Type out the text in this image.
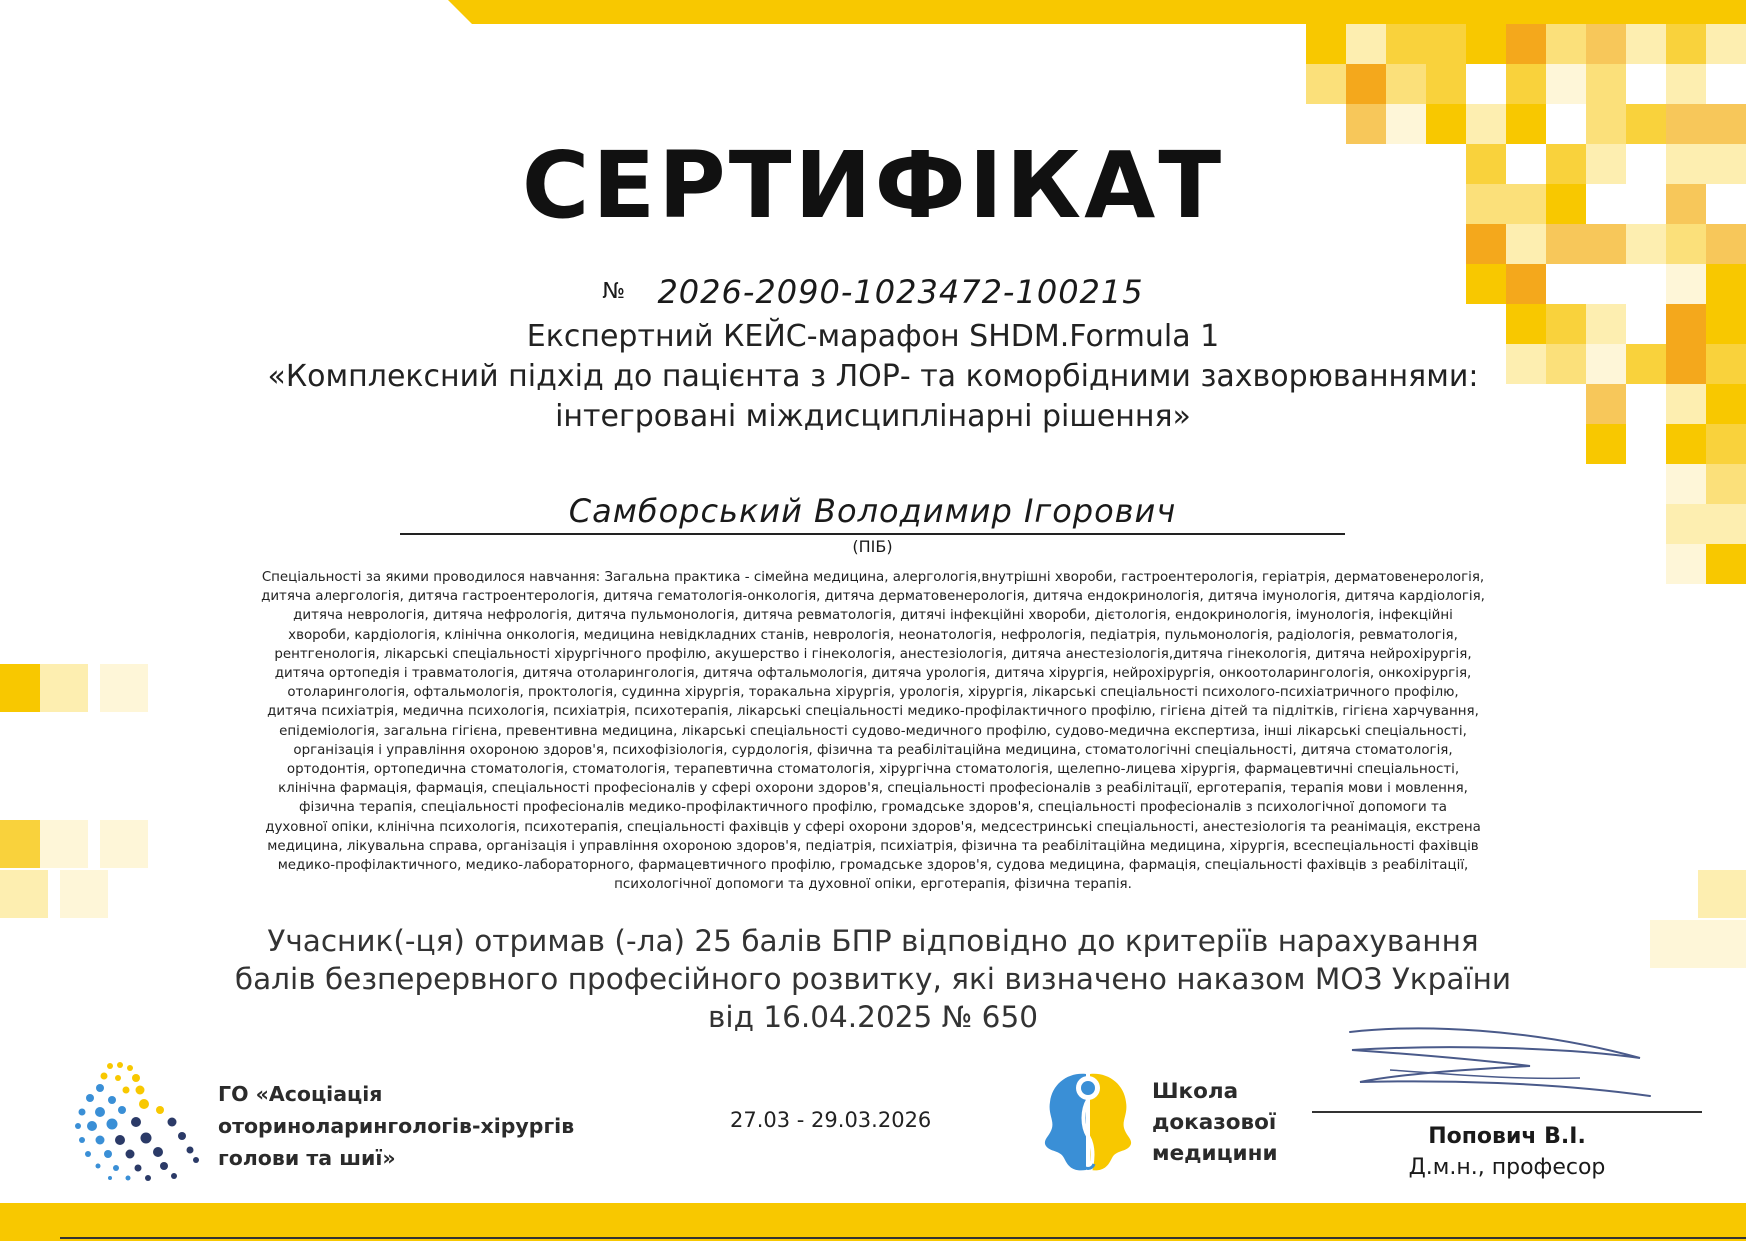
СЕРТИФІКАТ
№ 2026-2090-1023472-100215
Експертний КЕЙС-марафон SHDM.Formula 1
«Комплексний підхід до пацієнта з ЛОР- та коморбідними захворюваннями:
інтегровані міждисциплінарні рішення»
Самборський Володимир Ігорович
(ПІБ)
Спеціальності за якими проводилося навчання: Загальна практика - сімейна медицина, алергологія,внутрішні хвороби, гастроентерологія, геріатрія, дерматовенерологія,
дитяча алергологія, дитяча гастроентерологія, дитяча гематологія-онкологія, дитяча дерматовенерологія, дитяча ендокринологія, дитяча імунологія, дитяча кардіологія,
дитяча неврологія, дитяча нефрологія, дитяча пульмонологія, дитяча ревматологія, дитячі інфекційні хвороби, дієтологія, ендокринологія, імунологія, інфекційні
хвороби, кардіологія, клінічна онкологія, медицина невідкладних станів, неврологія, неонатологія, нефрологія, педіатрія, пульмонологія, радіологія, ревматологія,
рентгенологія, лікарські спеціальності хірургічного профілю, акушерство і гінекологія, анестезіологія, дитяча анестезіологія,дитяча гінекологія, дитяча нейрохірургія,
дитяча ортопедія і травматологія, дитяча отоларингологія, дитяча офтальмологія, дитяча урологія, дитяча хірургія, нейрохірургія, онкоотоларингологія, онкохірургія,
отоларингологія, офтальмологія, проктологія, судинна хірургія, торакальна хірургія, урологія, хірургія, лікарські спеціальності психолого-психіатричного профілю,
дитяча психіатрія, медична психологія, психіатрія, психотерапія, лікарські спеціальності медико-профілактичного профілю, гігієна дітей та підлітків, гігієна харчування,
епідеміологія, загальна гігієна, превентивна медицина, лікарські спеціальності судово-медичного профілю, судово-медична експертиза, інші лікарські спеціальності,
організація і управління охороною здоров'я, психофізіологія, сурдологія, фізична та реабілітаційна медицина, стоматологічні спеціальності, дитяча стоматологія,
ортодонтія, ортопедична стоматологія, стоматологія, терапевтична стоматологія, хірургічна стоматологія, щелепно-лицева хірургія, фармацевтичні спеціальності,
клінічна фармація, фармація, спеціальності професіоналів у сфері охорони здоров'я, спеціальності професіоналів з реабілітації, ерготерапія, терапія мови і мовлення,
фізична терапія, спеціальності професіоналів медико-профілактичного профілю, громадське здоров'я, спеціальності професіоналів з психологічної допомоги та
духовної опіки, клінічна психологія, психотерапія, спеціальності фахівців у сфері охорони здоров'я, медсестринські спеціальності, анестезіологія та реанімація, екстрена
медицина, лікувальна справа, організація і управління охороною здоров'я, педіатрія, психіатрія, фізична та реабілітаційна медицина, хірургія, всеспеціальності фахівців
медико-профілактичного, медико-лабораторного, фармацевтичного профілю, громадське здоров'я, судова медицина, фармація, спеціальності фахівців з реабілітації,
психологічної допомоги та духовної опіки, ерготерапія, фізична терапія.
Учасник(-ця) отримав (-ла) 25 балів БПР відповідно до критеріїв нарахування
балів безперервного професійного розвитку, які визначено наказом МОЗ України
від 16.04.2025 № 650
ГО «Асоціація
оториноларингологів-хірургів
голови та шиї»
27.03 - 29.03.2026
Школа
доказової
медицини
Попович В.І.
Д.м.н., професор
